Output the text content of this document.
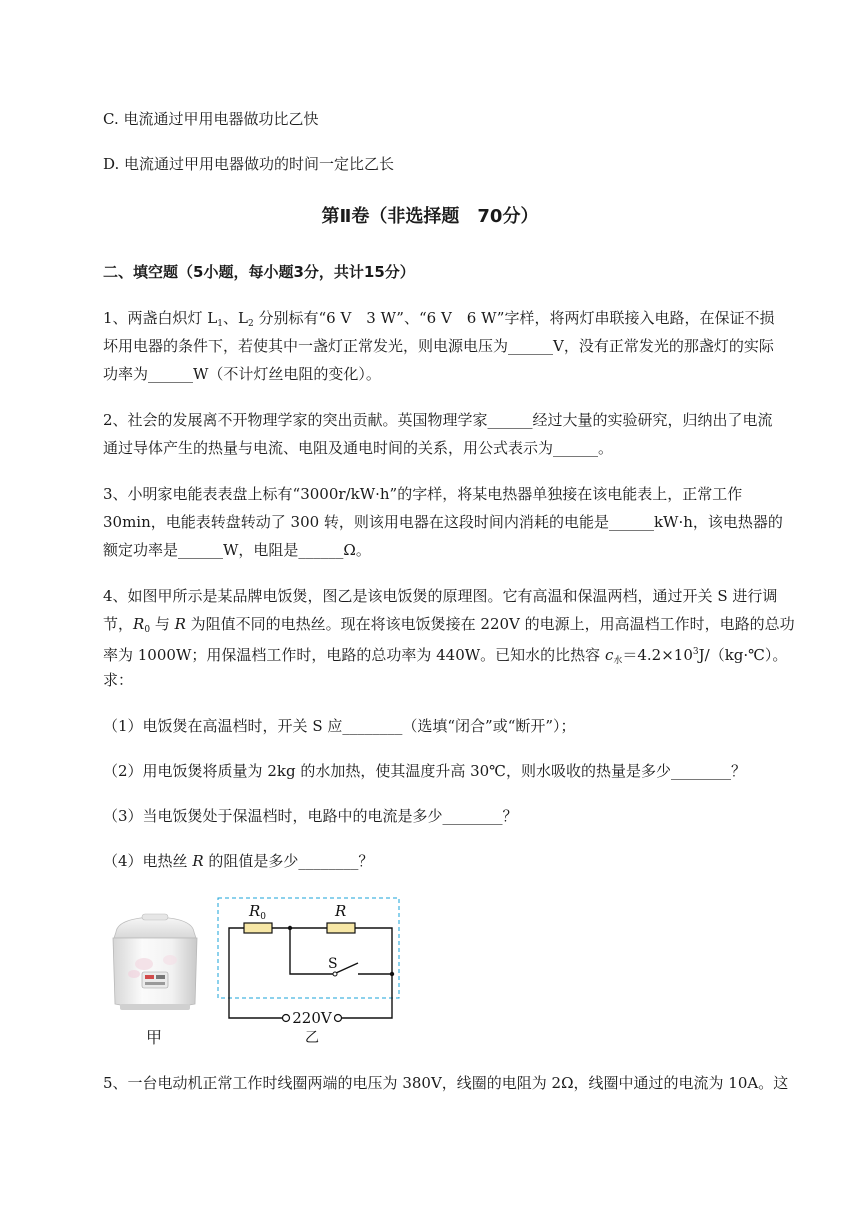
C. 电流通过甲用电器做功比乙快
D. 电流通过甲用电器做功的时间一定比乙长
第Ⅱ卷（非选择题　70分）
二、填空题（5小题，每小题3分，共计15分）
1、两盏白炽灯 $L_1$、$L_2$ 分别标有“6 V　3 W”、“6 V　6 W”字样，将两灯串联接入电路，在保证不损
坏用电器的条件下，若使其中一盏灯正常发光，则电源电压为______V，没有正常发光的那盏灯的实际
功率为______W（不计灯丝电阻的变化）。
2、社会的发展离不开物理学家的突出贡献。英国物理学家______经过大量的实验研究，归纳出了电流
通过导体产生的热量与电流、电阻及通电时间的关系，用公式表示为______。
3、小明家电能表表盘上标有“3000r/kW·h”的字样，将某电热器单独接在该电能表上，正常工作
30min，电能表转盘转动了 300 转，则该用电器在这段时间内消耗的电能是______kW·h，该电热器的
额定功率是______W，电阻是______Ω。
4、如图甲所示是某品牌电饭煲，图乙是该电饭煲的原理图。它有高温和保温两档，通过开关 S 进行调
节，$R_0$ 与 R 为阻值不同的电热丝。现在将该电饭煲接在 220V 的电源上，用高温档工作时，电路的总功
率为 1000W；用保温档工作时，电路的总功率为 440W。已知水的比热容 $c_水=4.2\times 10^3J/(kg\cdot℃)$。
求：
（1）电饭煲在高温档时，开关 S 应________（选填“闭合”或“断开”）；
（2）用电饭煲将质量为 2kg 的水加热，使其温度升高 30℃，则水吸收的热量是多少________？
（3）当电饭煲处于保温档时，电路中的电流是多少________？
（4）电热丝 R 的阻值是多少________？
甲
$R_0$	R
S
220V
乙
5、一台电动机正常工作时线圈两端的电压为 380V，线圈的电阻为 2Ω，线圈中通过的电流为 10A。这
